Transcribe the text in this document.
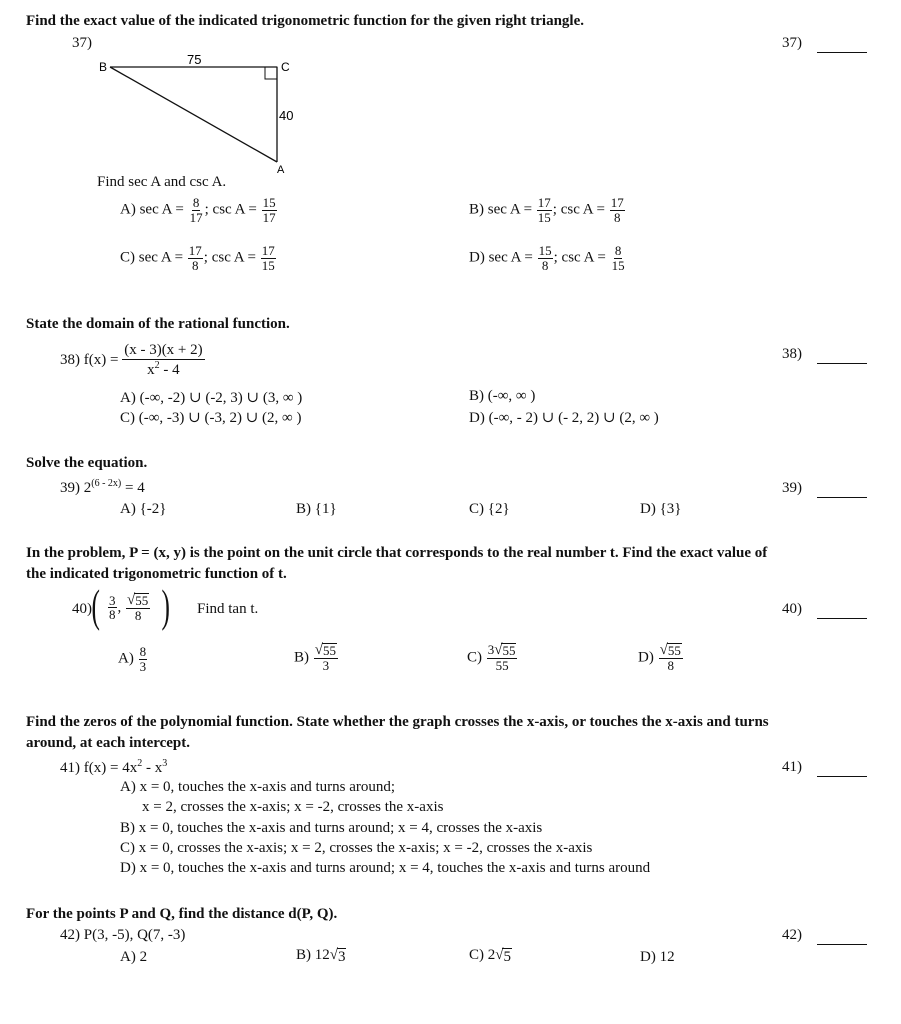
Find the exact value of the indicated trigonometric function for the given right triangle.
37)	37)
B	C
A
75
40
Find sec A and csc A.
A) $\sec A = \frac{8}{17}$ ; $\csc A = \frac{15}{17}$	B) $\sec A = \frac{17}{15}$ ; $\csc A = \frac{17}{8}$
C) $\sec A = \frac{17}{8}$ ; $\csc A = \frac{17}{15}$	D) $\sec A = \frac{15}{8}$ ; $\csc A = \frac{8}{15}$
State the domain of the rational function.
38) $f(x) = \frac{(x - 3)(x + 2)}{x^2 - 4}$	38)
A) (-∞, -2) ∪ (-2, 3) ∪ (3, ∞ )	B) (-∞, ∞ )
C) (-∞, -3) ∪ (-3, 2) ∪ (2, ∞ )	D) (-∞, - 2) ∪ (- 2, 2) ∪ (2, ∞ )
Solve the equation.
39) $2^{(6 - 2x)} = 4$	39)
A) {-2}	B) {1}	C) {2}	D) {3}
In the problem, P = (x, y) is the point on the unit circle that corresponds to the real number t. Find the exact value of
the indicated trigonometric function of t.
40) ( $\frac{3}{8}$ , $\frac{√ 55}{8}$ ) Find tan t.	40)
$A) \frac{8}{3}$	$B) \frac{√ 55}{3}$	$C) \frac{3 √ 55}{55}$	$D) \frac{√ 55}{8}$
Find the zeros of the polynomial function. State whether the graph crosses the x-axis, or touches the x-axis and turns
around, at each intercept.
41) $f(x) = 4x^2 - x^3$	41)
A) x = 0, touches the x-axis and turns around;
x = 2, crosses the x-axis; x = -2, crosses the x-axis
B) x = 0, touches the x-axis and turns around; x = 4, crosses the x-axis
C) x = 0, crosses the x-axis; x = 2, crosses the x-axis; x = -2, crosses the x-axis
D) x = 0, touches the x-axis and turns around; x = 4, touches the x-axis and turns around
For the points P and Q, find the distance d(P, Q).
42) P(3, -5), Q(7, -3)	42)
A) 2	B) 12 √ 3	C) 2 √ 5	D) 12
